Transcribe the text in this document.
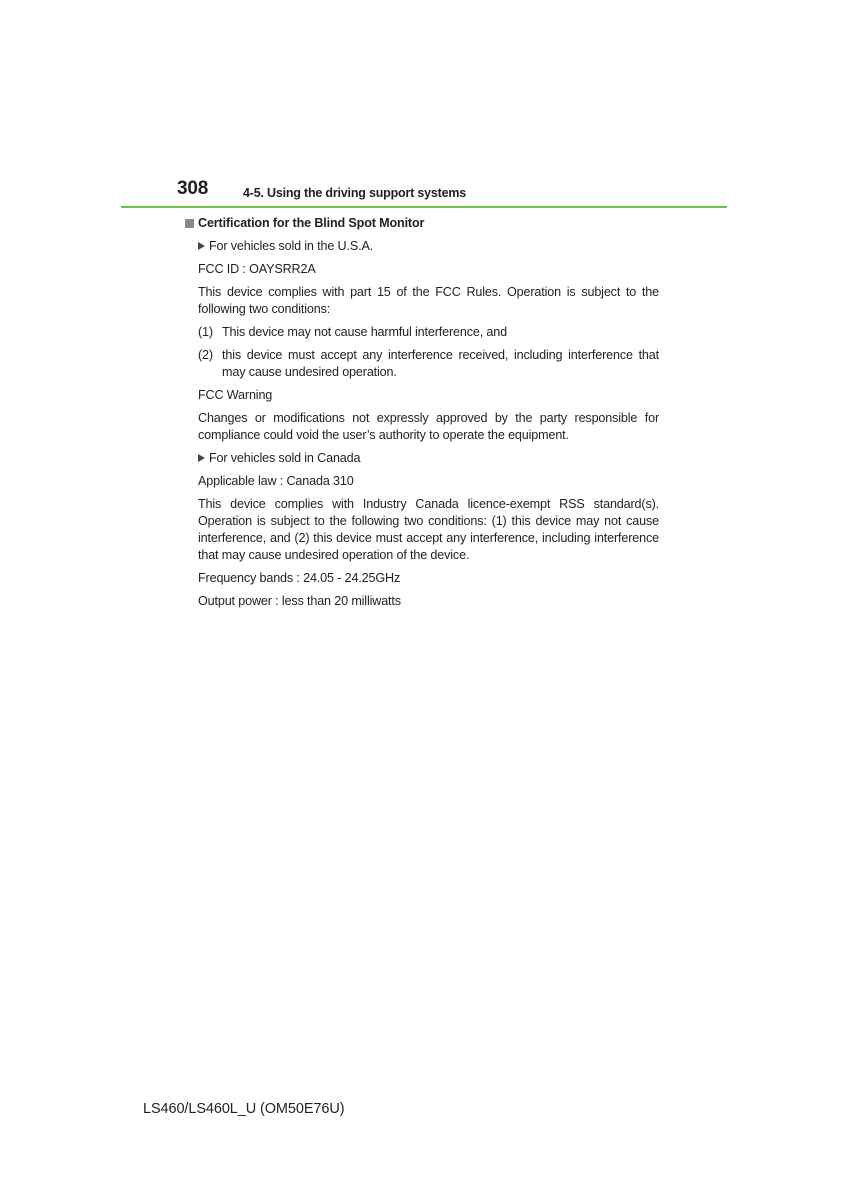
308	4-5. Using the driving support systems
Certification for the Blind Spot Monitor
For vehicles sold in the U.S.A.

FCC ID : OAYSRR2A

This device complies with part 15 of the FCC Rules. Operation is subject to the following two conditions:

(1) This device may not cause harmful interference, and
(2) this device must accept any interference received, including interference that may cause undesired operation.

FCC Warning

Changes or modifications not expressly approved by the party responsible for compliance could void the user’s authority to operate the equipment.

For vehicles sold in Canada

Applicable law : Canada 310

This device complies with Industry Canada licence-exempt RSS standard(s). Operation is subject to the following two conditions: (1) this device may not cause interference, and (2) this device must accept any interference, including interference that may cause undesired operation of the device.

Frequency bands : 24.05 - 24.25GHz

Output power : less than 20 milliwatts

LS460/LS460L_U (OM50E76U)
